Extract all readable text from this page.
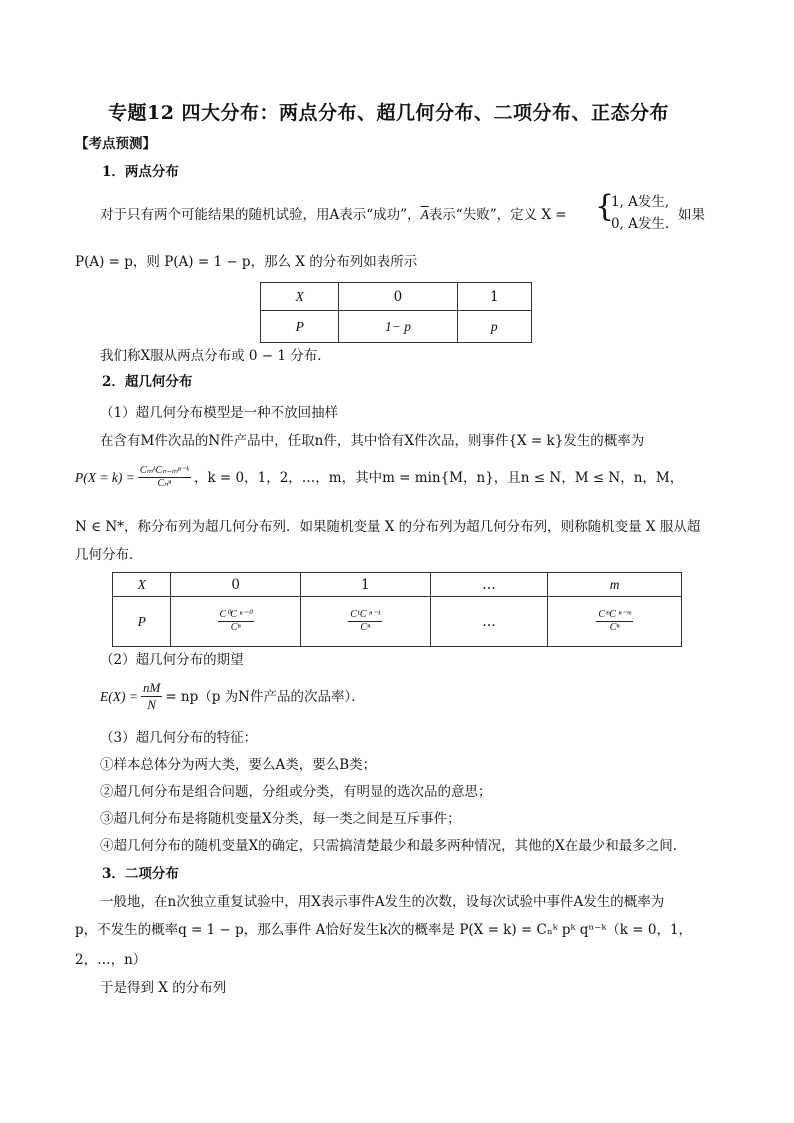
专题12 四大分布：两点分布、超几何分布、二项分布、正态分布
【考点预测】
1．两点分布
对于只有两个可能结果的随机试验，用A表示“成功”，$\overline{A}$表示“失败”，定义 X = {
1, A发生,
0, A发生.
如果
P(A) = p，则 P(A) = 1 − p，那么 X 的分布列如表所示
X	0	1
P	1− p	p
我们称X服从两点分布或 0 − 1 分布．
2．超几何分布
（1）超几何分布模型是一种不放回抽样
在含有M件次品的N件产品中，任取n件，其中恰有X件次品，则事件{X = k}发生的概率为
$P(X = k) = \frac{\text{CₘᵏCₙ₋ₘⁿ⁻ᵏ}}{\text{Cₙⁿ}}$ ，k = 0，1，2，…，m，其中m = min{M，n}，且n ≤ N，M ≤ N，n，M，
N ∈ N*，称分布列为超几何分布列．如果随机变量 X 的分布列为超几何分布列，则称随机变量 X 服从超
几何分布．
X	0	1	…	m
P	$\frac{\text{C⁰C ⁿ⁻⁰}}{\text{Cⁿ}}$	$\frac{\text{C¹C ⁿ⁻¹}}{\text{Cⁿ}}$	…	$\frac{\text{CᵐC ⁿ⁻ᵐ}}{\text{Cⁿ}}$
（2）超几何分布的期望
$E(X) = \frac{nM}{N} = np(p$ 为N件产品的次品率）．
（3）超几何分布的特征：
①样本总体分为两大类，要么A类，要么B类；
②超几何分布是组合问题，分组或分类，有明显的选次品的意思；
③超几何分布是将随机变量X分类，每一类之间是互斥事件；
④超几何分布的随机变量X的确定，只需搞清楚最少和最多两种情况，其他的X在最少和最多之间．
3．二项分布
一般地，在n次独立重复试验中，用X表示事件A发生的次数，设每次试验中事件A发生的概率为
p，不发生的概率q = 1 − p，那么事件 A恰好发生k次的概率是 P(X = k) = Cₙᵏ pᵏ qⁿ⁻ᵏ（k = 0，1，
2，…，n）
于是得到 X 的分布列
